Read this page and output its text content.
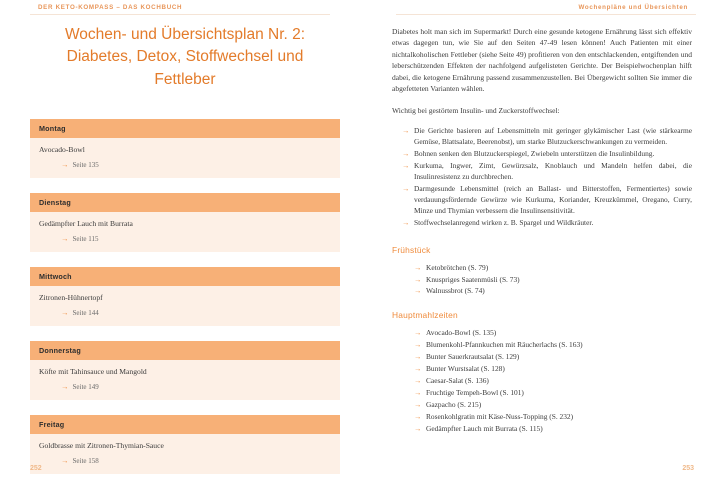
DER KETO-KOMPASS – DAS KOCHBUCH	Wochenpläne und Übersichten
Wochen- und Übersichtsplan Nr. 2:
Diabetes, Detox, Stoffwechsel und Fettleber
Montag
Avocado-Bowl
→ Seite 135
Dienstag
Gedämpfter Lauch mit Burrata
→ Seite 115
Mittwoch
Zitronen-Hühnertopf
→ Seite 144
Donnerstag
Köfte mit Tahinsauce und Mangold
→ Seite 149
Freitag
Goldbrasse mit Zitronen-Thymian-Sauce
→ Seite 158

Diabetes holt man sich im Supermarkt! Durch eine gesunde ketogene Ernährung lässt sich effektiv etwas dagegen tun, wie Sie auf den Seiten 47-49 lesen können! Auch Patienten mit einer nichtalkoholischen Fettleber (siehe Seite 49) profitieren von den entschlackenden, entgiftenden und leberschützenden Effekten der nachfolgend aufgelisteten Gerichte. Der Beispielwochenplan hilft dabei, die ketogene Ernährung passend zusammenzustellen. Bei Übergewicht sollten Sie immer die abgefetteten Varianten wählen.

Wichtig bei gestörtem Insulin- und Zuckerstoffwechsel:

→ Die Gerichte basieren auf Lebensmitteln mit geringer glykämischer Last (wie stärkearme Gemüse, Blattsalate, Beerenobst), um starke Blutzuckerschwankungen zu vermeiden.
→ Bohnen senken den Blutzuckerspiegel, Zwiebeln unterstützen die Insulinbildung.
→ Kurkuma, Ingwer, Zimt, Gewürzsalz, Knoblauch und Mandeln helfen dabei, die Insulinresistenz zu durchbrechen.
→ Darmgesunde Lebensmittel (reich an Ballast- und Bitterstoffen, Fermentiertes) sowie verdauungsfördernde Gewürze wie Kurkuma, Koriander, Kreuzkümmel, Oregano, Curry, Minze und Thymian verbessern die Insulinsensitivität.
→ Stoffwechselanregend wirken z. B. Spargel und Wildkräuter.
Frühstück
→ Ketobrötchen (S. 79)
→ Knuspriges Saatenmüsli (S. 73)
→ Walnussbrot (S. 74)
Hauptmahlzeiten
→ Avocado-Bowl (S. 135)
→ Blumenkohl-Pfannkuchen mit Räucherlachs (S. 163)
→ Bunter Sauerkrautsalat (S. 129)
→ Bunter Wurstsalat (S. 128)
→ Caesar-Salat (S. 136)
→ Fruchtige Tempeh-Bowl (S. 101)
→ Gazpacho (S. 215)
→ Rosenkohlgratin mit Käse-Nuss-Topping (S. 232)
→ Gedämpfter Lauch mit Burrata (S. 115)
252	253
